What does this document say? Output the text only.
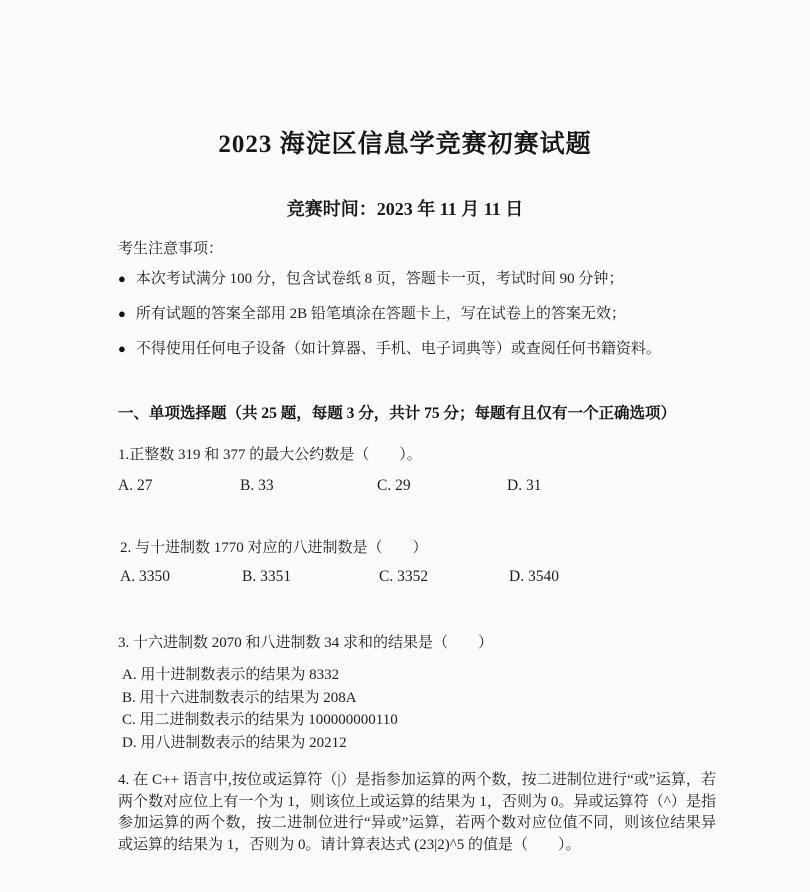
2023 海淀区信息学竞赛初赛试题
竞赛时间：2023 年 11 月 11 日
考生注意事项：
● 本次考试满分 100 分，包含试卷纸 8 页，答题卡一页，考试时间 90 分钟；
● 所有试题的答案全部用 2B 铅笔填涂在答题卡上，写在试卷上的答案无效；
● 不得使用任何电子设备（如计算器、手机、电子词典等）或查阅任何书籍资料。
一、单项选择题（共 25 题，每题 3 分，共计 75 分；每题有且仅有一个正确选项）
1.正整数 319 和 377 的最大公约数是（　　）。
A. 27	B. 33	C. 29	D. 31
2. 与十进制数 1770 对应的八进制数是（　　）
A. 3350	B. 3351	C. 3352	D. 3540
3. 十六进制数 2070 和八进制数 34 求和的结果是（　　）
A. 用十进制数表示的结果为 8332
B. 用十六进制数表示的结果为 208A
C. 用二进制数表示的结果为 100000000110
D. 用八进制数表示的结果为 20212
4. 在 C++ 语言中,按位或运算符（|）是指参加运算的两个数，按二进制位进行“或”运算，若两个数对应位上有一个为 1，则该位上或运算的结果为 1，否则为 0。异或运算符（^）是指参加运算的两个数，按二进制位进行“异或”运算，若两个数对应位值不同，则该位结果异或运算的结果为 1，否则为 0。请计算表达式 (23|2)^5 的值是（　　）。
